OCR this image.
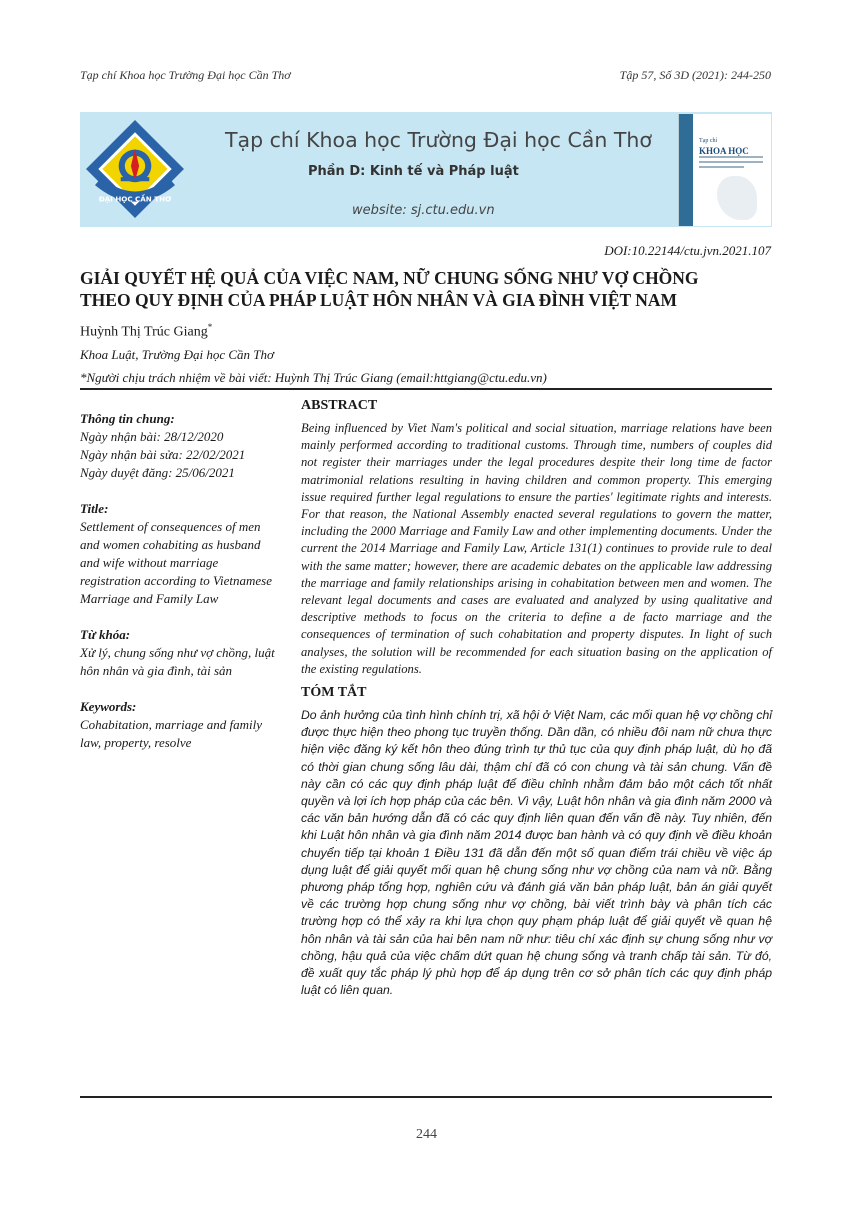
Tạp chí Khoa học Trường Đại học Cần Thơ	Tập 57, Số 3D (2021): 244-250
ĐẠI HỌC CẦN THƠ
Tạp chí Khoa học Trường Đại học Cần Thơ
Phần D: Kinh tế và Pháp luật
website: sj.ctu.edu.vn
Tạp chí
KHOA HỌC
DOI:10.22144/ctu.jvn.2021.107
GIẢI QUYẾT HỆ QUẢ CỦA VIỆC NAM, NỮ CHUNG SỐNG NHƯ VỢ CHỒNG
THEO QUY ĐỊNH CỦA PHÁP LUẬT HÔN NHÂN VÀ GIA ĐÌNH VIỆT NAM
Huỳnh Thị Trúc Giang*
Khoa Luật, Trường Đại học Cần Thơ
*Người chịu trách nhiệm về bài viết: Huỳnh Thị Trúc Giang (email:httgiang@ctu.edu.vn)
Thông tin chung:
Ngày nhận bài: 28/12/2020
Ngày nhận bài sửa: 22/02/2021
Ngày duyệt đăng: 25/06/2021
Title:
Settlement of consequences of men and women cohabiting as husband and wife without marriage registration according to Vietnamese Marriage and Family Law
Từ khóa:
Xử lý, chung sống như vợ chồng, luật hôn nhân và gia đình, tài sản
Keywords:
Cohabitation, marriage and family law, property, resolve
ABSTRACT

Being influenced by Viet Nam's political and social situation, marriage relations have been mainly performed according to traditional customs. Through time, numbers of couples did not register their marriages under the legal procedures despite their long time de factor matrimonial relations resulting in having children and common property. This emerging issue required further legal regulations to ensure the parties' legitimate rights and interests. For that reason, the National Assembly enacted several regulations to govern the matter, including the 2000 Marriage and Family Law and other implementing documents. Under the current the 2014 Marriage and Family Law, Article 131(1) continues to provide rule to deal with the same matter; however, there are academic debates on the applicable law addressing the marriage and family relationships arising in cohabitation between men and women. The relevant legal documents and cases are evaluated and analyzed by using qualitative and descriptive methods to focus on the criteria to define a de facto marriage and the consequences of termination of such cohabitation and property disputes. In light of such analyses, the solution will be recommended for each situation basing on the application of the existing regulations.

TÓM TẮT

Do ảnh hưởng của tình hình chính trị, xã hội ở Việt Nam, các mối quan hệ vợ chồng chỉ được thực hiện theo phong tục truyền thống. Dần dần, có nhiều đôi nam nữ chưa thực hiện việc đăng ký kết hôn theo đúng trình tự thủ tục của quy định pháp luật, dù họ đã có thời gian chung sống lâu dài, thậm chí đã có con chung và tài sản chung. Vấn đề này cần có các quy định pháp luật để điều chỉnh nhằm đảm bảo một cách tốt nhất quyền và lợi ích hợp pháp của các bên. Vì vậy, Luật hôn nhân và gia đình năm 2000 và các văn bản hướng dẫn đã có các quy định liên quan đến vấn đề này. Tuy nhiên, đến khi Luật hôn nhân và gia đình năm 2014 được ban hành và có quy định về điều khoản chuyển tiếp tại khoản 1 Điều 131 đã dẫn đến một số quan điểm trái chiều về việc áp dụng luật để giải quyết mối quan hệ chung sống như vợ chồng của nam và nữ. Bằng phương pháp tổng hợp, nghiên cứu và đánh giá văn bản pháp luật, bản án giải quyết về các trường hợp chung sống như vợ chồng, bài viết trình bày và phân tích các trường hợp có thể xảy ra khi lựa chọn quy phạm pháp luật để giải quyết về quan hệ hôn nhân và tài sản của hai bên nam nữ như: tiêu chí xác định sự chung sống như vợ chồng, hậu quả của việc chấm dứt quan hệ chung sống và tranh chấp tài sản. Từ đó, đề xuất quy tắc pháp lý phù hợp để áp dụng trên cơ sở phân tích các quy định pháp luật có liên quan.

244
